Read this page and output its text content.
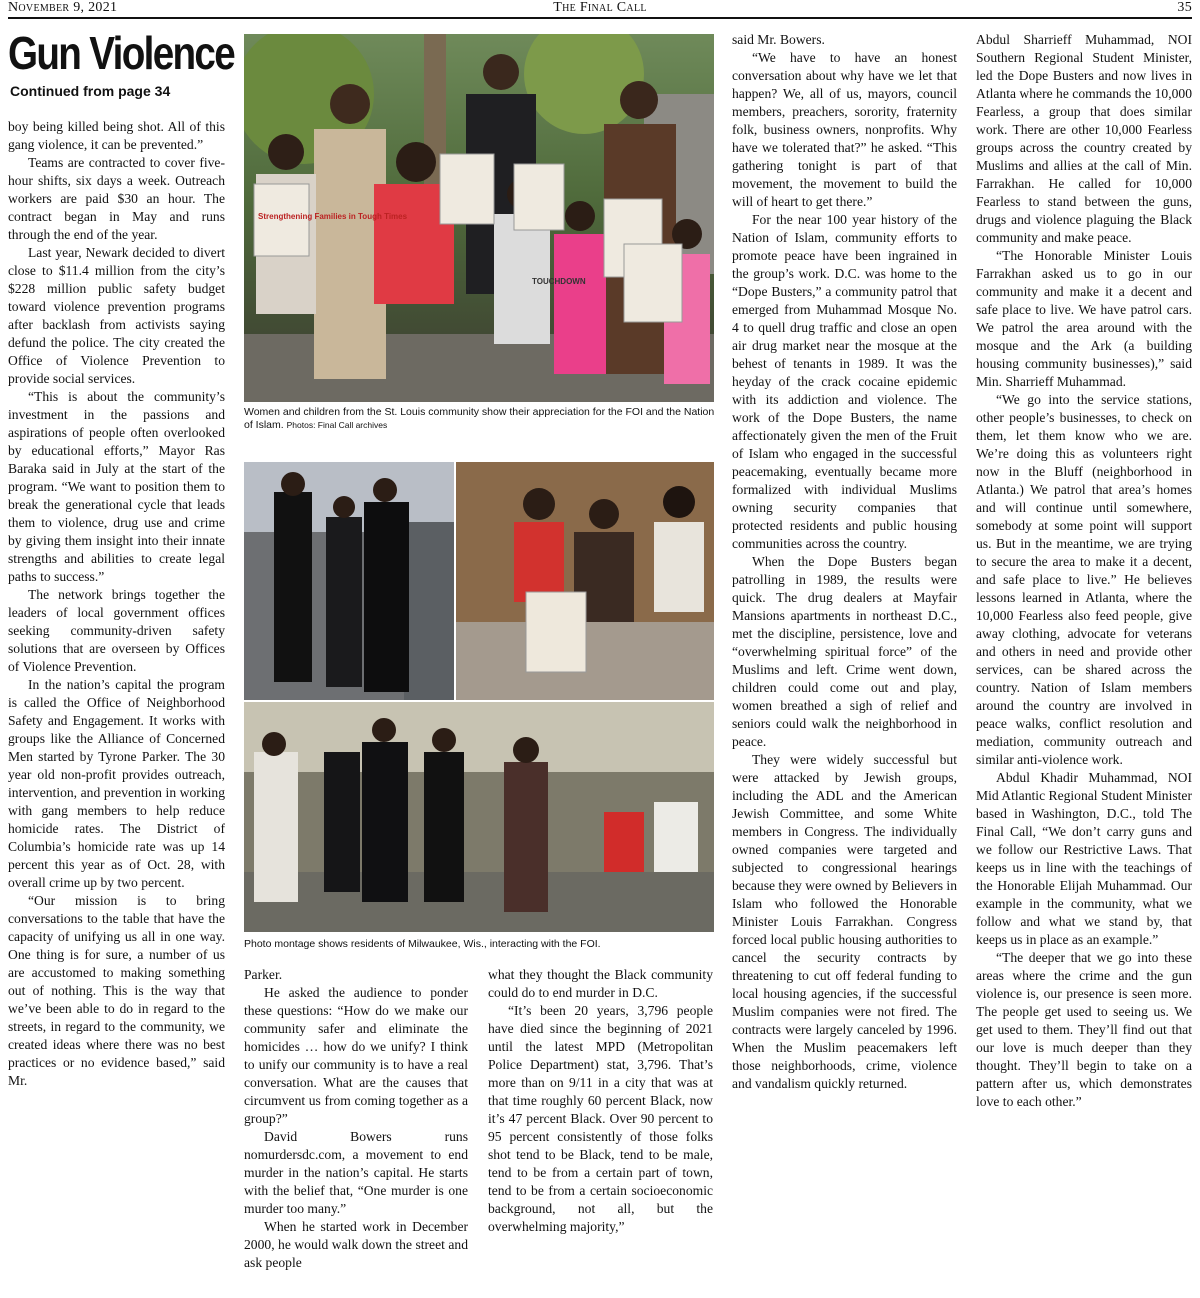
November 9, 2021	The Final Call	35
Gun Violence
Continued from page 34

boy being killed being shot. All of this gang violence, it can be prevented.”

Teams are contracted to cover five-hour shifts, six days a week. Outreach workers are paid $30 an hour. The contract began in May and runs through the end of the year.

Last year, Newark decided to divert close to $11.4 million from the city’s $228 million public safety budget toward violence prevention programs after backlash from activists saying defund the police. The city created the Office of Violence Prevention to provide social services.

“This is about the community’s investment in the passions and aspirations of people often overlooked by educational efforts,” Mayor Ras Baraka said in July at the start of the program. “We want to position them to break the generational cycle that leads them to violence, drug use and crime by giving them insight into their innate strengths and abilities to create legal paths to success.”

The network brings together the leaders of local government offices seeking community-driven safety solutions that are overseen by Offices of Violence Prevention.

In the nation’s capital the program is called the Office of Neighborhood Safety and Engagement. It works with groups like the Alliance of Concerned Men started by Tyrone Parker. The 30 year old non-profit provides outreach, intervention, and prevention in working with gang members to help reduce homicide rates. The District of Columbia’s homicide rate was up 14 percent this year as of Oct. 28, with overall crime up by two percent.

“Our mission is to bring conversations to the table that have the capacity of unifying us all in one way. One thing is for sure, a number of us are accustomed to making something out of nothing. This is the way that we’ve been able to do in regard to the streets, in regard to the community, we created ideas where there was no best practices or no evidence based,” said Mr.

Strengthening Families in Tough Times
TOUCHDOWN
Women and children from the St. Louis community show their appreciation for the FOI and the Nation of Islam. Photos: Final Call archives
Photo montage shows residents of Milwaukee, Wis., interacting with the FOI.

Parker.

He asked the audience to ponder these questions: “How do we make our community safer and eliminate the homicides … how do we unify? I think to unify our community is to have a real conversation. What are the causes that circumvent us from coming together as a group?”

David Bowers runs nomurdersdc.com, a movement to end murder in the nation’s capital. He starts with the belief that, “One murder is one murder too many.”

When he started work in December 2000, he would walk down the street and ask people

what they thought the Black community could do to end murder in D.C.

“It’s been 20 years, 3,796 people have died since the beginning of 2021 until the latest MPD (Metropolitan Police Department) stat, 3,796. That’s more than on 9/11 in a city that was at that time roughly 60 percent Black, now it’s 47 percent Black. Over 90 percent to 95 percent consistently of those folks shot tend to be Black, tend to be male, tend to be from a certain part of town, tend to be from a certain socioeconomic background, not all, but the overwhelming majority,”

said Mr. Bowers.

“We have to have an honest conversation about why have we let that happen? We, all of us, mayors, council members, preachers, sorority, fraternity folk, business owners, nonprofits. Why have we tolerated that?” he asked. “This gathering tonight is part of that movement, the movement to build the will of heart to get there.”

For the near 100 year history of the Nation of Islam, community efforts to promote peace have been ingrained in the group’s work. D.C. was home to the “Dope Busters,” a community patrol that emerged from Muhammad Mosque No. 4 to quell drug traffic and close an open air drug market near the mosque at the behest of tenants in 1989. It was the heyday of the crack cocaine epidemic with its addiction and violence. The work of the Dope Busters, the name affectionately given the men of the Fruit of Islam who engaged in the successful peacemaking, eventually became more formalized with individual Muslims owning security companies that protected residents and public housing communities across the country.

When the Dope Busters began patrolling in 1989, the results were quick. The drug dealers at Mayfair Mansions apartments in northeast D.C., met the discipline, persistence, love and “overwhelming spiritual force” of the Muslims and left. Crime went down, children could come out and play, women breathed a sigh of relief and seniors could walk the neighborhood in peace.

They were widely successful but were attacked by Jewish groups, including the ADL and the American Jewish Committee, and some White members in Congress. The individually owned companies were targeted and subjected to congressional hearings because they were owned by Believers in Islam who followed the Honorable Minister Louis Farrakhan. Congress forced local public housing authorities to cancel the security contracts by threatening to cut off federal funding to local housing agencies, if the successful Muslim companies were not fired. The contracts were largely canceled by 1996. When the Muslim peacemakers left those neighborhoods, crime, violence and vandalism quickly returned.

Abdul Sharrieff Muhammad, NOI Southern Regional Student Minister, led the Dope Busters and now lives in Atlanta where he commands the 10,000 Fearless, a group that does similar work. There are other 10,000 Fearless groups across the country created by Muslims and allies at the call of Min. Farrakhan. He called for 10,000 Fearless to stand between the guns, drugs and violence plaguing the Black community and make peace.

“The Honorable Minister Louis Farrakhan asked us to go in our community and make it a decent and safe place to live. We have patrol cars. We patrol the area around with the mosque and the Ark (a building housing community businesses),” said Min. Sharrieff Muhammad.

“We go into the service stations, other people’s businesses, to check on them, let them know who we are. We’re doing this as volunteers right now in the Bluff (neighborhood in Atlanta.) We patrol that area’s homes and will continue until somewhere, somebody at some point will support us. But in the meantime, we are trying to secure the area to make it a decent, and safe place to live.” He believes lessons learned in Atlanta, where the 10,000 Fearless also feed people, give away clothing, advocate for veterans and others in need and provide other services, can be shared across the country. Nation of Islam members around the country are involved in peace walks, conflict resolution and mediation, community outreach and similar anti-violence work.

Abdul Khadir Muhammad, NOI Mid Atlantic Regional Student Minister based in Washington, D.C., told The Final Call, “We don’t carry guns and we follow our Restrictive Laws. That keeps us in line with the teachings of the Honorable Elijah Muhammad. Our example in the community, what we follow and what we stand by, that keeps us in place as an example.”

“The deeper that we go into these areas where the crime and the gun violence is, our presence is seen more. The people get used to seeing us. We get used to them. They’ll find out that our love is much deeper than they thought. They’ll begin to take on a pattern after us, which demonstrates love to each other.”
